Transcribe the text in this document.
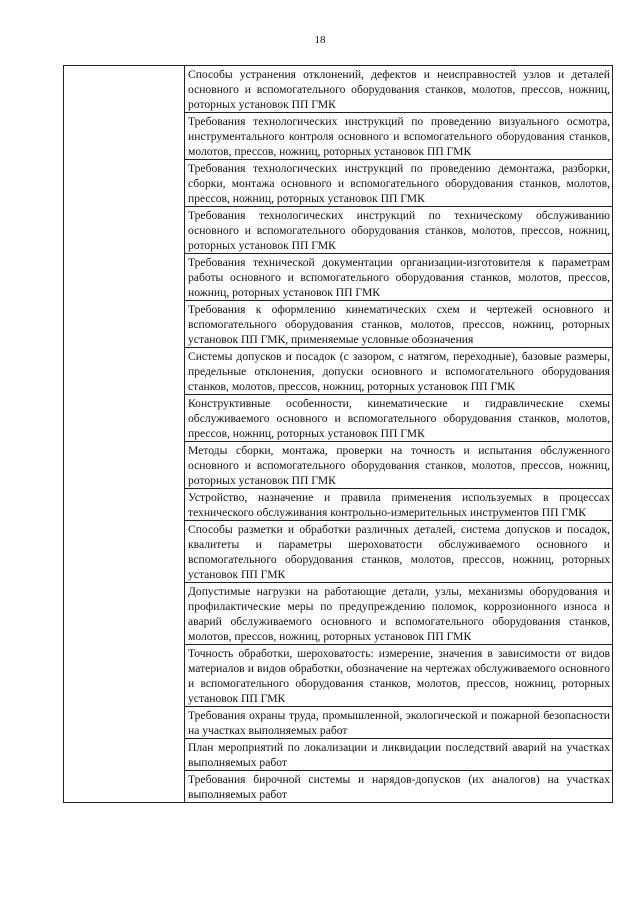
18

Способы устранения отклонений, дефектов и неисправностей узлов и деталей основного и вспомогательного оборудования станков, молотов, прессов, ножниц, роторных установок ПП ГМК

Требования технологических инструкций по проведению визуального осмотра, инструментального контроля основного и вспомогательного оборудования станков, молотов, прессов, ножниц, роторных установок ПП ГМК

Требования технологических инструкций по проведению демонтажа, разборки, сборки, монтажа основного и вспомогательного оборудования станков, молотов, прессов, ножниц, роторных установок ПП ГМК

Требования технологических инструкций по техническому обслуживанию основного и вспомогательного оборудования станков, молотов, прессов, ножниц, роторных установок ПП ГМК

Требования технической документации организации-изготовителя к параметрам работы основного и вспомогательного оборудования станков, молотов, прессов, ножниц, роторных установок ПП ГМК

Требования к оформлению кинематических схем и чертежей основного и вспомогательного оборудования станков, молотов, прессов, ножниц, роторных установок ПП ГМК, применяемые условные обозначения

Системы допусков и посадок (с зазором, с натягом, переходные), базовые размеры, предельные отклонения, допуски основного и вспомогательного оборудования станков, молотов, прессов, ножниц, роторных установок ПП ГМК

Конструктивные особенности, кинематические и гидравлические схемы обслуживаемого основного и вспомогательного оборудования станков, молотов, прессов, ножниц, роторных установок ПП ГМК

Методы сборки, монтажа, проверки на точность и испытания обслуженного основного и вспомогательного оборудования станков, молотов, прессов, ножниц, роторных установок ПП ГМК

Устройство, назначение и правила применения используемых в процессах технического обслуживания контрольно-измерительных инструментов ПП ГМК

Способы разметки и обработки различных деталей, система допусков и посадок, квалитеты и параметры шероховатости обслуживаемого основного и вспомогательного оборудования станков, молотов, прессов, ножниц, роторных установок ПП ГМК

Допустимые нагрузки на работающие детали, узлы, механизмы оборудования и профилактические меры по предупреждению поломок, коррозионного износа и аварий обслуживаемого основного и вспомогательного оборудования станков, молотов, прессов, ножниц, роторных установок ПП ГМК

Точность обработки, шероховатость: измерение, значения в зависимости от видов материалов и видов обработки, обозначение на чертежах обслуживаемого основного и вспомогательного оборудования станков, молотов, прессов, ножниц, роторных установок ПП ГМК

Требования охраны труда, промышленной, экологической и пожарной безопасности на участках выполняемых работ

План мероприятий по локализации и ликвидации последствий аварий на участках выполняемых работ

Требования бирочной системы и нарядов-допусков (их аналогов) на участках выполняемых работ
